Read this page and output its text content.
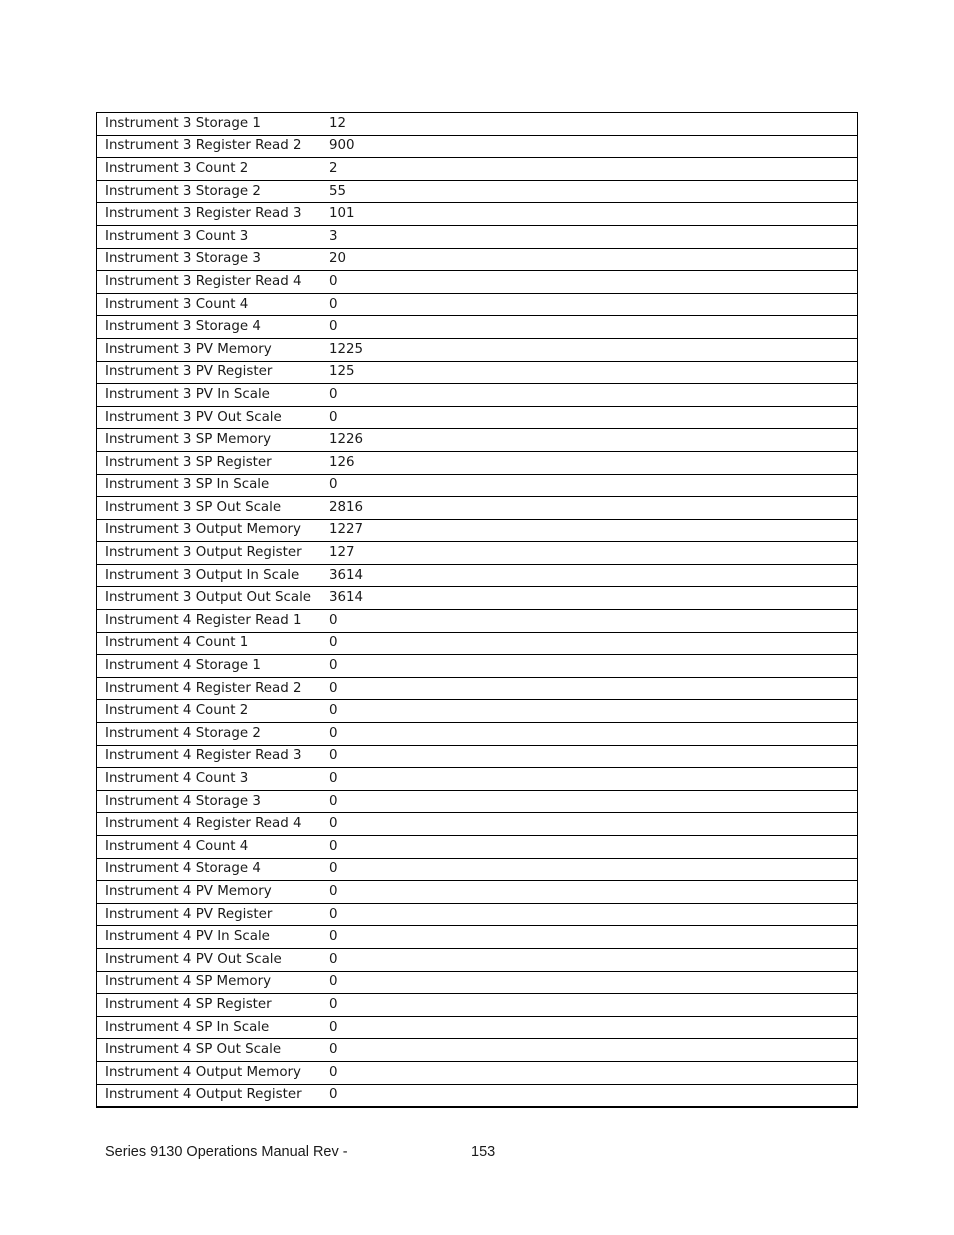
Instrument 3 Storage 1	12
Instrument 3 Register Read 2	900
Instrument 3 Count 2	2
Instrument 3 Storage 2	55
Instrument 3 Register Read 3	101
Instrument 3 Count 3	3
Instrument 3 Storage 3	20
Instrument 3 Register Read 4	0
Instrument 3 Count 4	0
Instrument 3 Storage 4	0
Instrument 3 PV Memory	1225
Instrument 3 PV Register	125
Instrument 3 PV In Scale	0
Instrument 3 PV Out Scale	0
Instrument 3 SP Memory	1226
Instrument 3 SP Register	126
Instrument 3 SP In Scale	0
Instrument 3 SP Out Scale	2816
Instrument 3 Output Memory	1227
Instrument 3 Output Register	127
Instrument 3 Output In Scale	3614
Instrument 3 Output Out Scale	3614
Instrument 4 Register Read 1	0
Instrument 4 Count 1	0
Instrument 4 Storage 1	0
Instrument 4 Register Read 2	0
Instrument 4 Count 2	0
Instrument 4 Storage 2	0
Instrument 4 Register Read 3	0
Instrument 4 Count 3	0
Instrument 4 Storage 3	0
Instrument 4 Register Read 4	0
Instrument 4 Count 4	0
Instrument 4 Storage 4	0
Instrument 4 PV Memory	0
Instrument 4 PV Register	0
Instrument 4 PV In Scale	0
Instrument 4 PV Out Scale	0
Instrument 4 SP Memory	0
Instrument 4 SP Register	0
Instrument 4 SP In Scale	0
Instrument 4 SP Out Scale	0
Instrument 4 Output Memory	0
Instrument 4 Output Register	0
Series 9130 Operations Manual Rev -	153
